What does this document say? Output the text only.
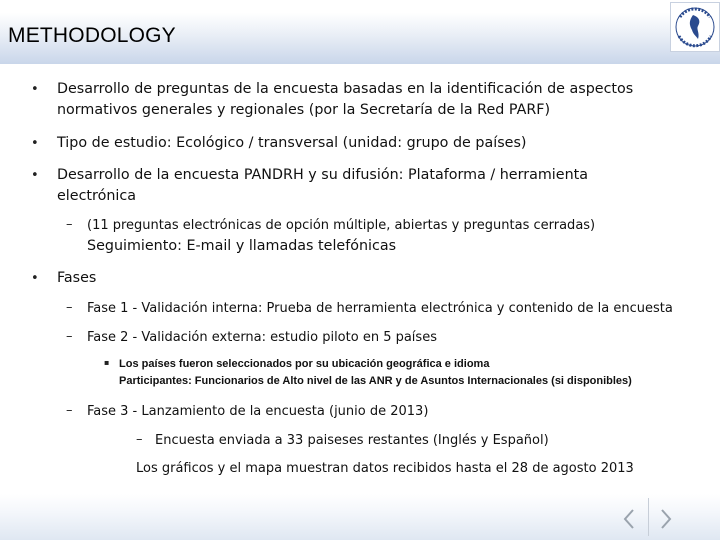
METHODOLOGY
• Desarrollo de preguntas de la encuesta basadas en la identificación de aspectos
normativos generales y regionales (por la Secretaría de la Red PARF)
• Tipo de estudio: Ecológico / transversal (unidad: grupo de países)
• Desarrollo de la encuesta PANDRH y su difusión: Plataforma / herramienta
electrónica
– (11 preguntas electrónicas de opción múltiple, abiertas y preguntas cerradas)
Seguimiento: E-mail y llamadas telefónicas
• Fases
– Fase 1 - Validación interna: Prueba de herramienta electrónica y contenido de la encuesta
– Fase 2 - Validación externa: estudio piloto en 5 países
▪ Los países fueron seleccionados por su ubicación geográfica e idioma
Participantes: Funcionarios de Alto nivel de las ANR y de Asuntos Internacionales (si disponibles)
– Fase 3 - Lanzamiento de la encuesta (junio de 2013)
– Encuesta enviada a 33 paiseses restantes (Inglés y Español)
Los gráficos y el mapa muestran datos recibidos hasta el 28 de agosto 2013
